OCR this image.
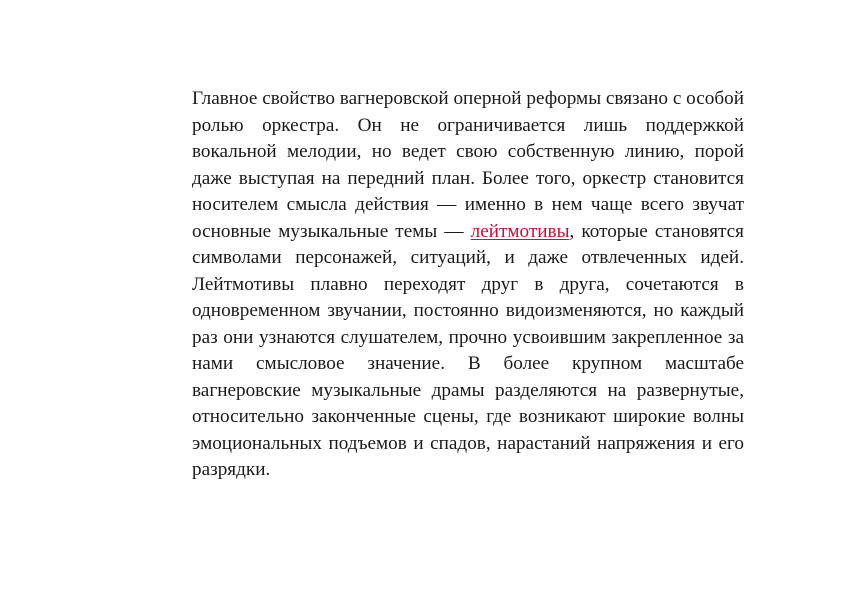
Главное свойство вагнеровской оперной реформы связано с особой ролью оркестра. Он не ограничивается лишь поддержкой вокальной мелодии, но ведет свою собственную линию, порой даже выступая на передний план. Более того, оркестр становится носителем смысла действия — именно в нем чаще всего звучат основные музыкальные темы — лейтмотивы, которые становятся символами персонажей, ситуаций, и даже отвлеченных идей. Лейтмотивы плавно переходят друг в друга, сочетаются в одновременном звучании, постоянно видоизменяются, но каждый раз они узнаются слушателем, прочно усвоившим закрепленное за нами смысловое значение. В более крупном масштабе вагнеровские музыкальные драмы разделяются на развернутые, относительно законченные сцены, где возникают широкие волны эмоциональных подъемов и спадов, нарастаний напряжения и его разрядки.
